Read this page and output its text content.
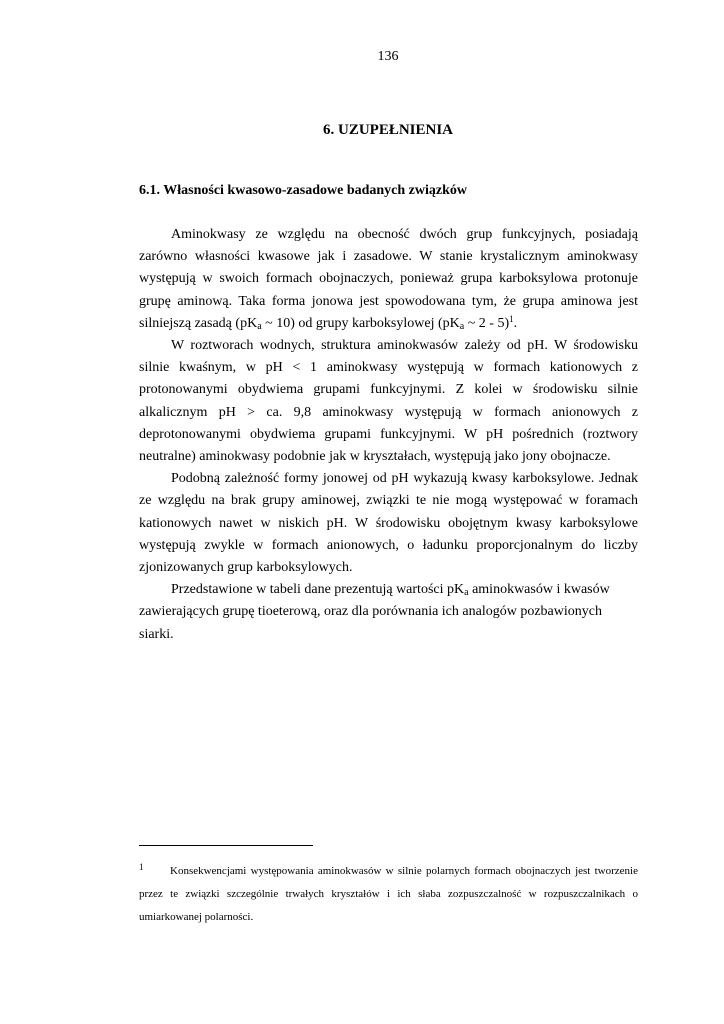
136
6. UZUPEŁNIENIA
6.1. Własności kwasowo-zasadowe badanych związków

Aminokwasy ze względu na obecność dwóch grup funkcyjnych, posiadają zarówno własności kwasowe jak i zasadowe. W stanie krystalicznym aminokwasy występują w swoich formach obojnaczych, ponieważ grupa karboksylowa protonuje grupę aminową. Taka forma jonowa jest spowodowana tym, że grupa aminowa jest silniejszą zasadą ($pK_a$ ~ 10) od grupy karboksylowej ($pK_a$ ~ 2 - 5)$^1$.

W roztworach wodnych, struktura aminokwasów zależy od pH. W środowisku silnie kwaśnym, w pH < 1 aminokwasy występują w formach kationowych z protonowanymi obydwiema grupami funkcyjnymi. Z kolei w środowisku silnie alkalicznym pH > ca. 9,8 aminokwasy występują w formach anionowych z deprotonowanymi obydwiema grupami funkcyjnymi. W pH pośrednich (roztwory neutralne) aminokwasy podobnie jak w kryształach, występują jako jony obojnacze.

Podobną zależność formy jonowej od pH wykazują kwasy karboksylowe. Jednak ze względu na brak grupy aminowej, związki te nie mogą występować w foramach kationowych nawet w niskich pH. W środowisku obojętnym kwasy karboksylowe występują zwykle w formach anionowych, o ładunku proporcjonalnym do liczby zjonizowanych grup karboksylowych.

Przedstawione w tabeli dane prezentują wartości $pK_a$ aminokwasów i kwasów zawierających grupę tioeterową, oraz dla porównania ich analogów pozbawionych siarki.

1 Konsekwencjami występowania aminokwasów w silnie polarnych formach obojnaczych jest tworzenie przez te związki szczególnie trwałych kryształów i ich słaba zozpuszczalność w rozpuszczalnikach o umiarkowanej polarności.
